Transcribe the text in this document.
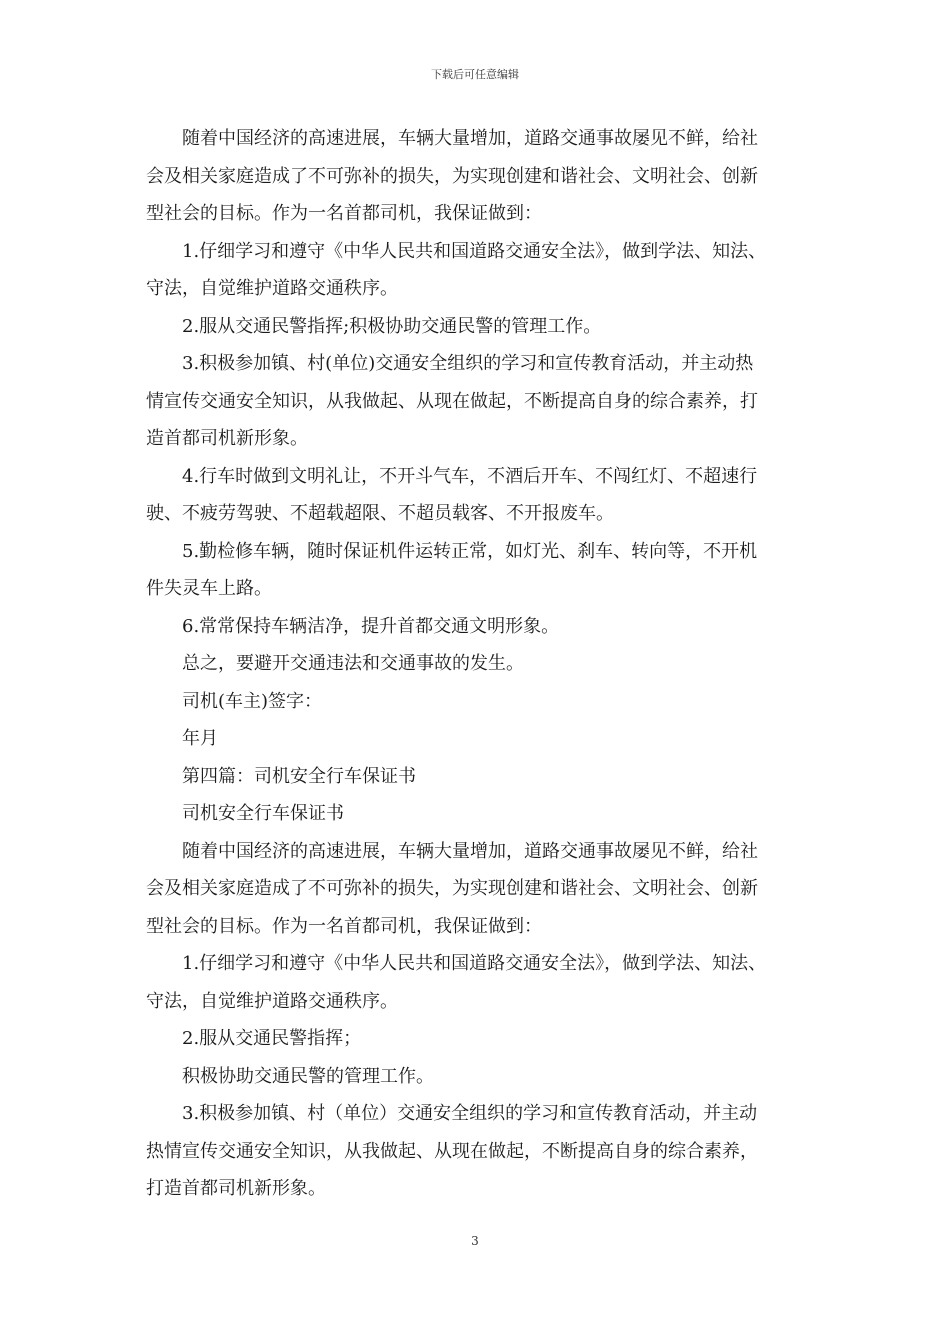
下载后可任意编辑

随着中国经济的高速进展，车辆大量增加，道路交通事故屡见不鲜，给社

会及相关家庭造成了不可弥补的损失，为实现创建和谐社会、文明社会、创新

型社会的目标。作为一名首都司机，我保证做到：

1.仔细学习和遵守《中华人民共和国道路交通安全法》，做到学法、知法、

守法，自觉维护道路交通秩序。

2.服从交通民警指挥;积极协助交通民警的管理工作。

3.积极参加镇、村(单位)交通安全组织的学习和宣传教育活动，并主动热

情宣传交通安全知识，从我做起、从现在做起，不断提高自身的综合素养，打

造首都司机新形象。

4.行车时做到文明礼让，不开斗气车，不酒后开车、不闯红灯、不超速行

驶、不疲劳驾驶、不超载超限、不超员载客、不开报废车。

5.勤检修车辆，随时保证机件运转正常，如灯光、刹车、转向等，不开机

件失灵车上路。

6.常常保持车辆洁净，提升首都交通文明形象。

总之，要避开交通违法和交通事故的发生。

司机(车主)签字：

年月

第四篇：司机安全行车保证书

司机安全行车保证书

随着中国经济的高速进展，车辆大量增加，道路交通事故屡见不鲜，给社

会及相关家庭造成了不可弥补的损失，为实现创建和谐社会、文明社会、创新

型社会的目标。作为一名首都司机，我保证做到：

1.仔细学习和遵守《中华人民共和国道路交通安全法》，做到学法、知法、

守法，自觉维护道路交通秩序。

2.服从交通民警指挥；

积极协助交通民警的管理工作。

3.积极参加镇、村（单位）交通安全组织的学习和宣传教育活动，并主动

热情宣传交通安全知识，从我做起、从现在做起，不断提高自身的综合素养，

打造首都司机新形象。

3
